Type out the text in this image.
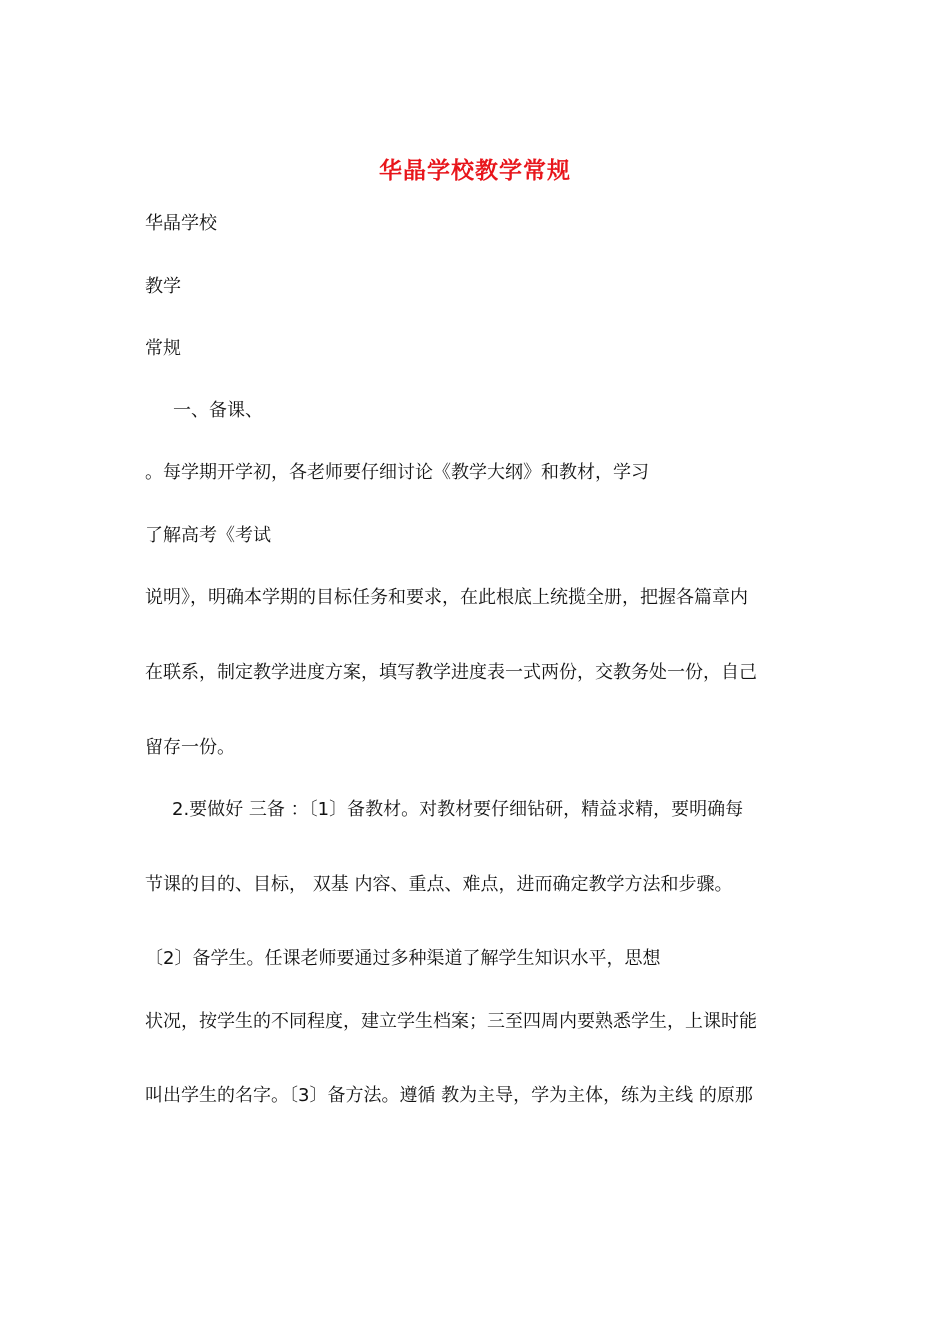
华晶学校教学常规
华晶学校
教学
常规
一、备课、
。每学期开学初，各老师要仔细讨论《教学大纲》和教材，学习
了解高考《考试
说明》，明确本学期的目标任务和要求，在此根底上统揽全册，把握各篇章内
在联系，制定教学进度方案，填写教学进度表一式两份，交教务处一份，自己
留存一份。
2.要做好 三备 ：〔1〕备教材。对教材要仔细钻研，精益求精，要明确每
节课的目的、目标， 双基 内容、重点、难点，进而确定教学方法和步骤。
〔2〕备学生。任课老师要通过多种渠道了解学生知识水平，思想
状况，按学生的不同程度，建立学生档案；三至四周内要熟悉学生，上课时能
叫出学生的名字。〔3〕备方法。遵循 教为主导，学为主体，练为主线 的原那
